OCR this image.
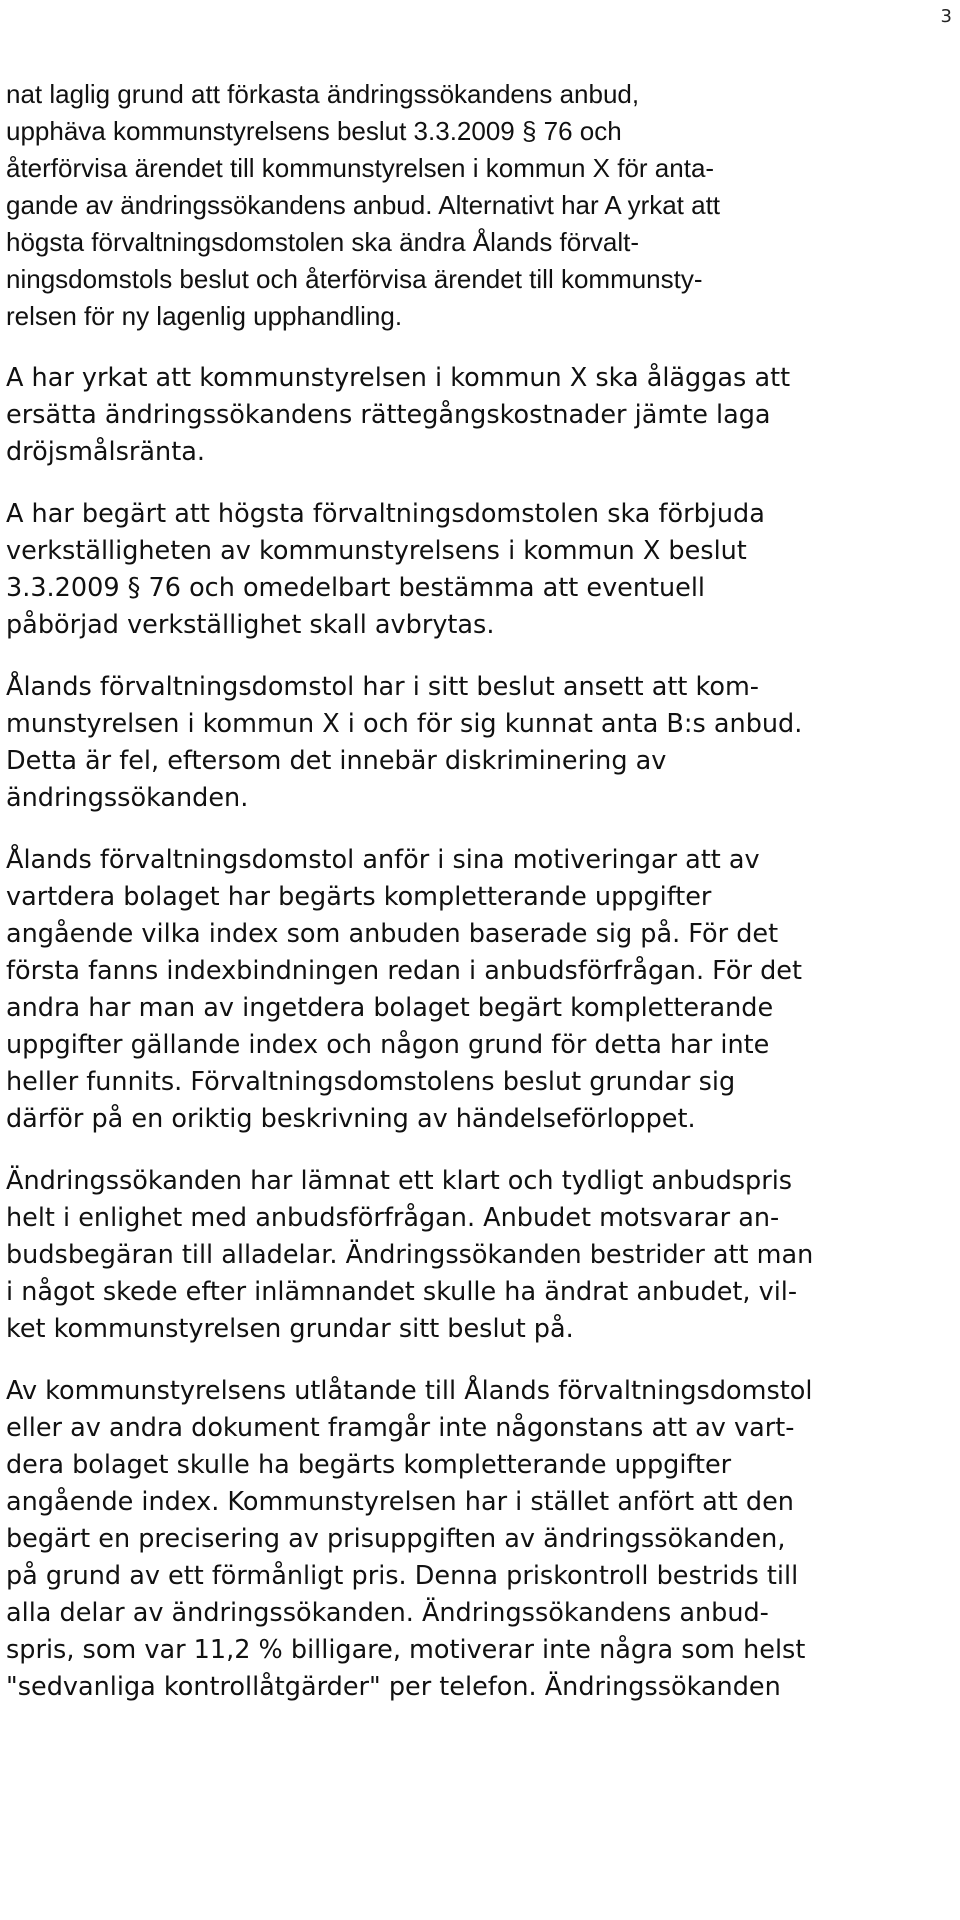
3
nat laglig grund att förkasta ändringssökandens anbud,
upphäva kommunstyrelsens beslut 3.3.2009 § 76 och
återförvisa ärendet till kommunstyrelsen i kommun X för anta-
gande av ändringssökandens anbud. Alternativt har A yrkat att
högsta förvaltningsdomstolen ska ändra Ålands förvalt-
ningsdomstols beslut och återförvisa ärendet till kommunsty-
relsen för ny lagenlig upphandling.
A har yrkat att kommunstyrelsen i kommun X ska åläggas att
ersätta ändringssökandens rättegångskostnader jämte laga
dröjsmålsränta.
A har begärt att högsta förvaltningsdomstolen ska förbjuda
verkställigheten av kommunstyrelsens i kommun X beslut
3.3.2009 § 76 och omedelbart bestämma att eventuell
påbörjad verkställighet skall avbrytas.
Ålands förvaltningsdomstol har i sitt beslut ansett att kom-
munstyrelsen i kommun X i och för sig kunnat anta B:s anbud.
Detta är fel, eftersom det innebär diskriminering av
ändringssökanden.
Ålands förvaltningsdomstol anför i sina motiveringar att av
vartdera bolaget har begärts kompletterande uppgifter
angående vilka index som anbuden baserade sig på. För det
första fanns indexbindningen redan i anbudsförfrågan. För det
andra har man av ingetdera bolaget begärt kompletterande
uppgifter gällande index och någon grund för detta har inte
heller funnits. Förvaltningsdomstolens beslut grundar sig
därför på en oriktig beskrivning av händelseförloppet.
Ändringssökanden har lämnat ett klart och tydligt anbudspris
helt i enlighet med anbudsförfrågan. Anbudet motsvarar an-
budsbegäran till alladelar. Ändringssökanden bestrider att man
i något skede efter inlämnandet skulle ha ändrat anbudet, vil-
ket kommunstyrelsen grundar sitt beslut på.
Av kommunstyrelsens utlåtande till Ålands förvaltningsdomstol
eller av andra dokument framgår inte någonstans att av vart-
dera bolaget skulle ha begärts kompletterande uppgifter
angående index. Kommunstyrelsen har i stället anfört att den
begärt en precisering av prisuppgiften av ändringssökanden,
på grund av ett förmånligt pris. Denna priskontroll bestrids till
alla delar av ändringssökanden. Ändringssökandens anbud-
spris, som var 11,2 % billigare, motiverar inte några som helst
"sedvanliga kontrollåtgärder" per telefon. Ändringssökanden
